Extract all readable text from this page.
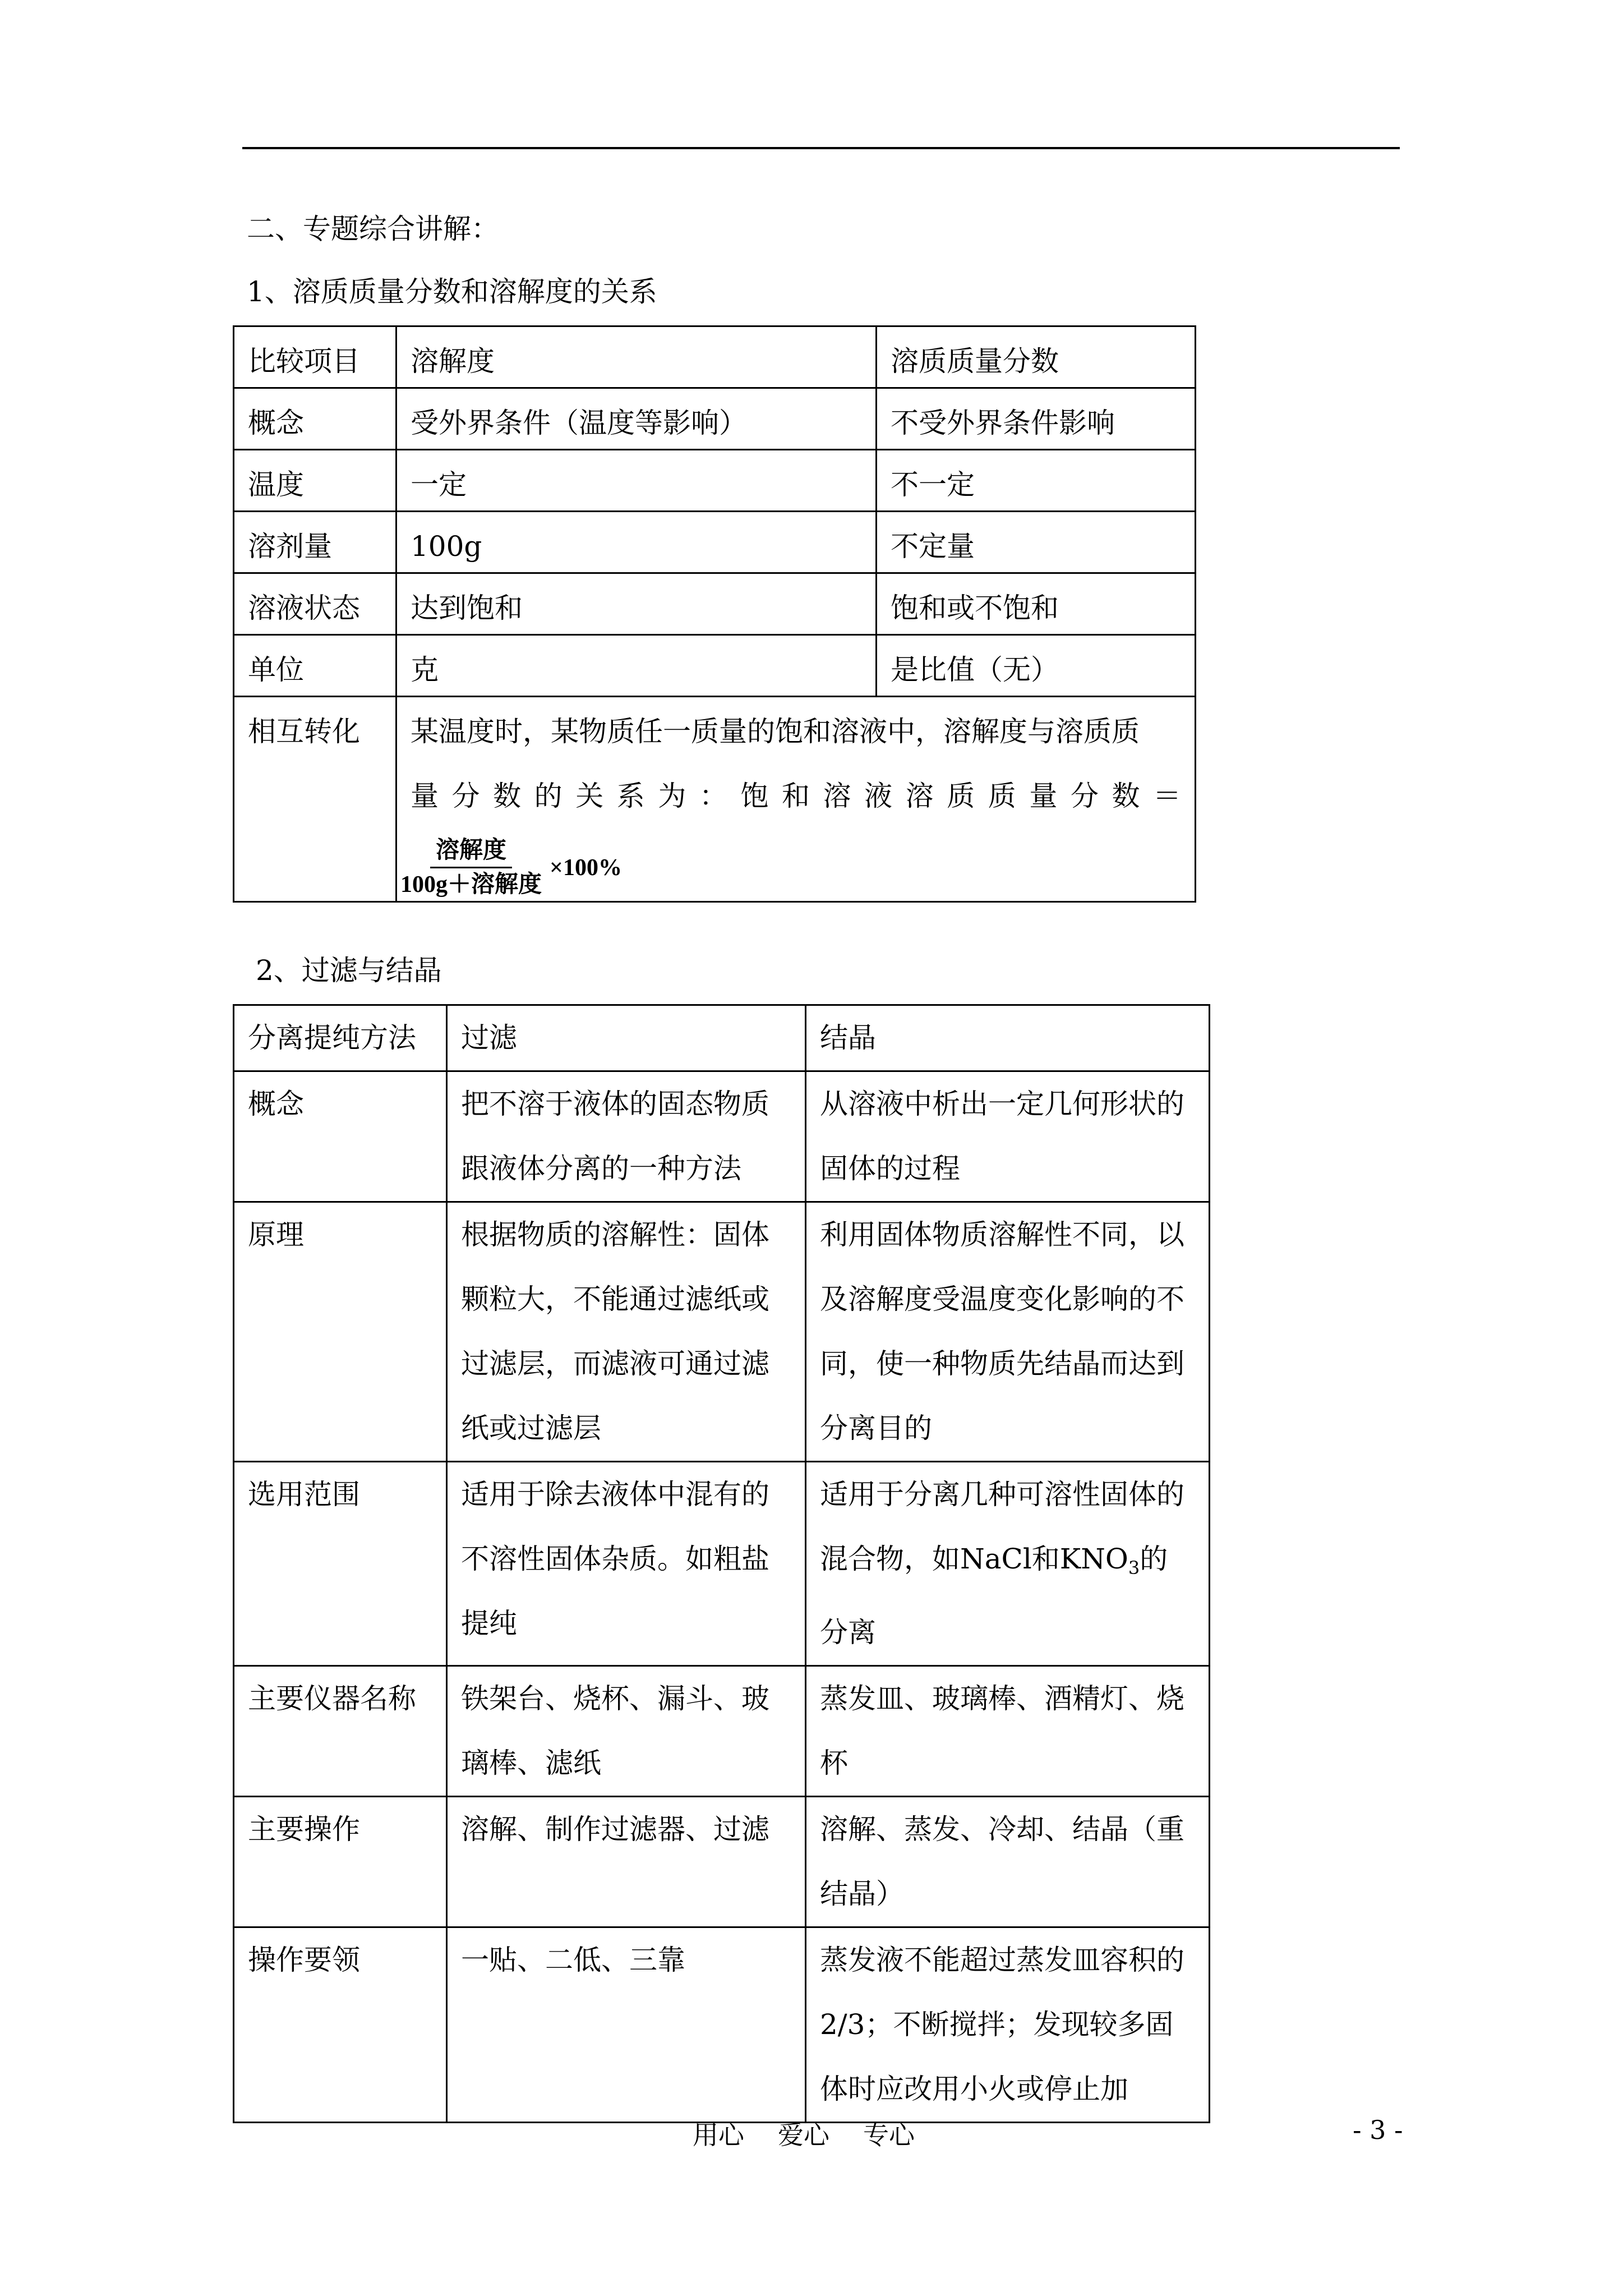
二、专题综合讲解：
1、溶质质量分数和溶解度的关系
比较项目	溶解度	溶质质量分数
概念	受外界条件（温度等影响）	不受外界条件影响
温度	一定	不一定
溶剂量	100g	不定量
溶液状态	达到饱和	饱和或不饱和
单位	克	是比值（无）
相互转化	某温度时，某物质任一质量的饱和溶液中，溶解度与溶质质
量分数的关系为：饱和溶液溶质质量分数＝
$\frac{\text{溶解度}}{\text{100g＋溶解度}} \times 100\%$	
2、过滤与结晶
分离提纯方法	过滤	结晶
概念	把不溶于液体的固态物质跟液体分离的一种方法	从溶液中析出一定几何形状的固体的过程
原理	根据物质的溶解性：固体颗粒大，不能通过滤纸或过滤层，而滤液可通过滤纸或过滤层	利用固体物质溶解性不同，以及溶解度受温度变化影响的不同，使一种物质先结晶而达到分离目的
选用范围	适用于除去液体中混有的不溶性固体杂质。如粗盐提纯	适用于分离几种可溶性固体的混合物，如NaCl和$KNO_3$的分离
主要仪器名称	铁架台、烧杯、漏斗、玻璃棒、滤纸	蒸发皿、玻璃棒、酒精灯、烧杯
主要操作	溶解、制作过滤器、过滤	溶解、蒸发、冷却、结晶（重结晶）
操作要领	一贴、二低、三靠	蒸发液不能超过蒸发皿容积的2/3；不断搅拌；发现较多固体时应改用小火或停止加
用心 爱心 专心	- 3 -
